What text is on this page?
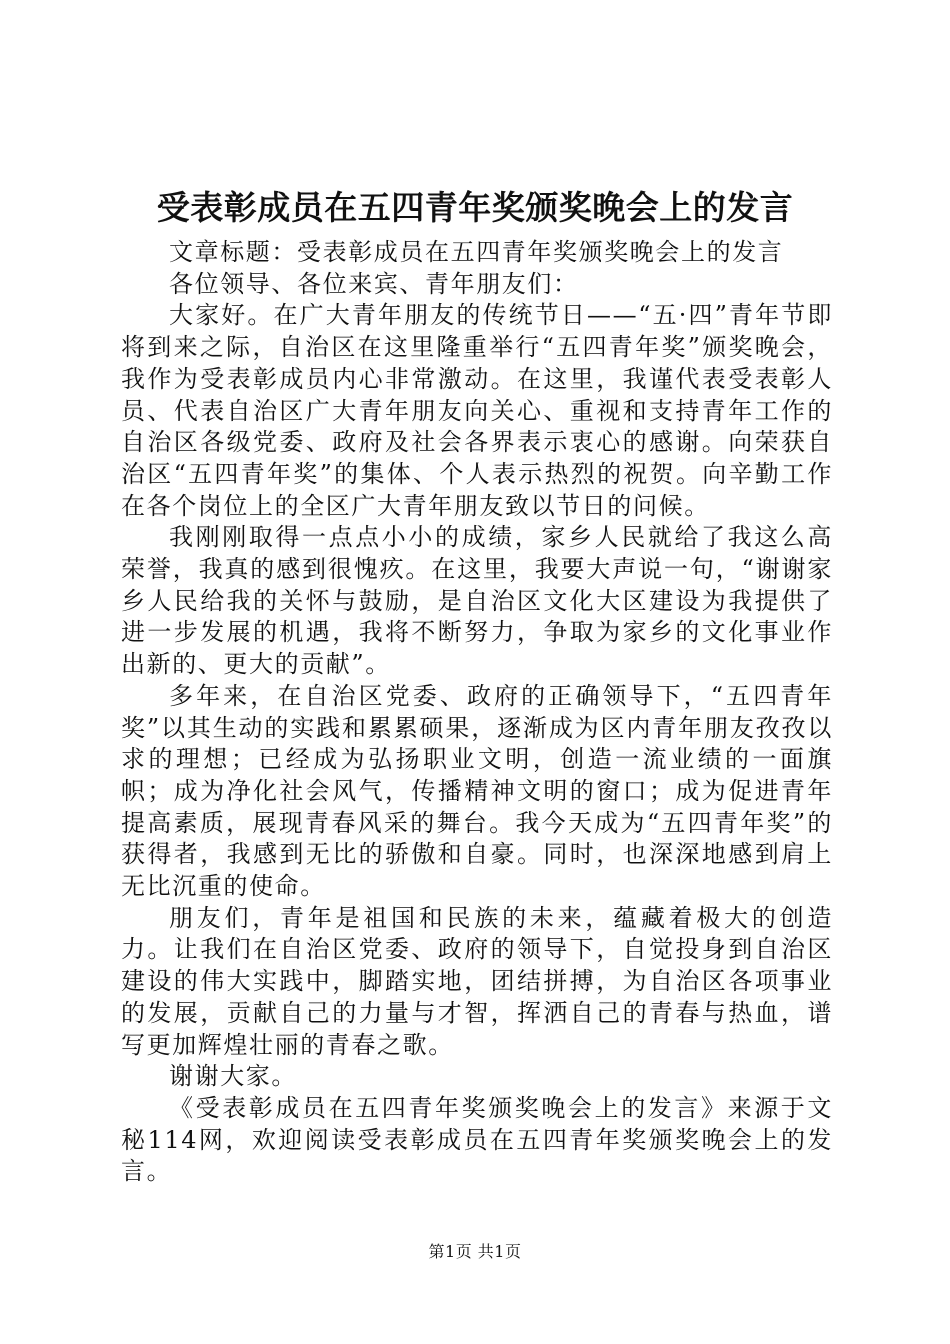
受表彰成员在五四青年奖颁奖晚会上的发言

文章标题：受表彰成员在五四青年奖颁奖晚会上的发言

各位领导、各位来宾、青年朋友们：

大家好。在广大青年朋友的传统节日——“五·四”青年节即将到来之际，自治区在这里隆重举行“五四青年奖”颁奖晚会，我作为受表彰成员内心非常激动。在这里，我谨代表受表彰人员、代表自治区广大青年朋友向关心、重视和支持青年工作的自治区各级党委、政府及社会各界表示衷心的感谢。向荣获自治区“五四青年奖”的集体、个人表示热烈的祝贺。向辛勤工作在各个岗位上的全区广大青年朋友致以节日的问候。

我刚刚取得一点点小小的成绩，家乡人民就给了我这么高荣誉，我真的感到很愧疚。在这里，我要大声说一句，“谢谢家乡人民给我的关怀与鼓励，是自治区文化大区建设为我提供了进一步发展的机遇，我将不断努力，争取为家乡的文化事业作出新的、更大的贡献”。

多年来，在自治区党委、政府的正确领导下，“五四青年奖”以其生动的实践和累累硕果，逐渐成为区内青年朋友孜孜以求的理想；已经成为弘扬职业文明，创造一流业绩的一面旗帜；成为净化社会风气，传播精神文明的窗口；成为促进青年提高素质，展现青春风采的舞台。我今天成为“五四青年奖”的获得者，我感到无比的骄傲和自豪。同时，也深深地感到肩上无比沉重的使命。

朋友们，青年是祖国和民族的未来，蕴藏着极大的创造力。让我们在自治区党委、政府的领导下，自觉投身到自治区建设的伟大实践中，脚踏实地，团结拼搏，为自治区各项事业的发展，贡献自己的力量与才智，挥洒自己的青春与热血，谱写更加辉煌壮丽的青春之歌。

谢谢大家。

《受表彰成员在五四青年奖颁奖晚会上的发言》来源于文秘114网，欢迎阅读受表彰成员在五四青年奖颁奖晚会上的发言。

第1页 共1页
